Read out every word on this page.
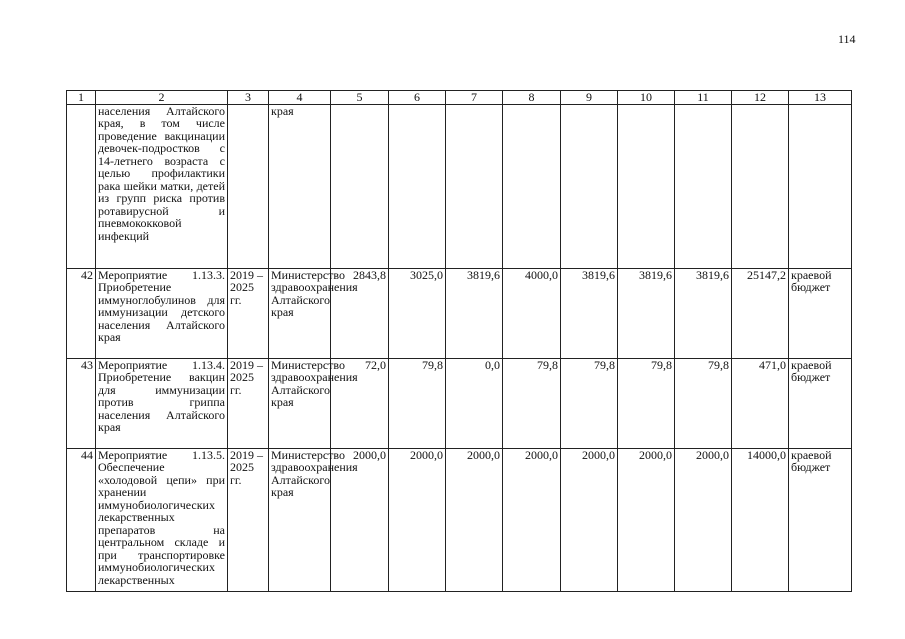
114
1	2	3	4	5	6	7	8	9	10	11	12	13
	населения Алтайского края, в том числе проведение вакцинации девочек-подростков с 14-летнего возраста с целью профилактики рака шейки матки, детей из групп риска против ротавирусной и пневмококковой инфекций		края									
42	Мероприятие 1.13.3. Приобретение иммуноглобулинов для иммунизации детского населения Алтайского края	2019 – 2025 гг.	Министерство здравоохранения Алтайского края	2843,8	3025,0	3819,6	4000,0	3819,6	3819,6	3819,6	25147,2	краевой бюджет
43	Мероприятие 1.13.4. Приобретение вакцин для иммунизации против гриппа населения Алтайского края	2019 – 2025 гг.	Министерство здравоохранения Алтайского края	72,0	79,8	0,0	79,8	79,8	79,8	79,8	471,0	краевой бюджет
44	Мероприятие 1.13.5. Обеспечение «холодовой цепи» при хранении иммунобиологических лекарственных препаратов на центральном складе и при транспортировке иммунобиологических лекарственных	2019 – 2025 гг.	Министерство здравоохранения Алтайского края	2000,0	2000,0	2000,0	2000,0	2000,0	2000,0	2000,0	14000,0	краевой бюджет
